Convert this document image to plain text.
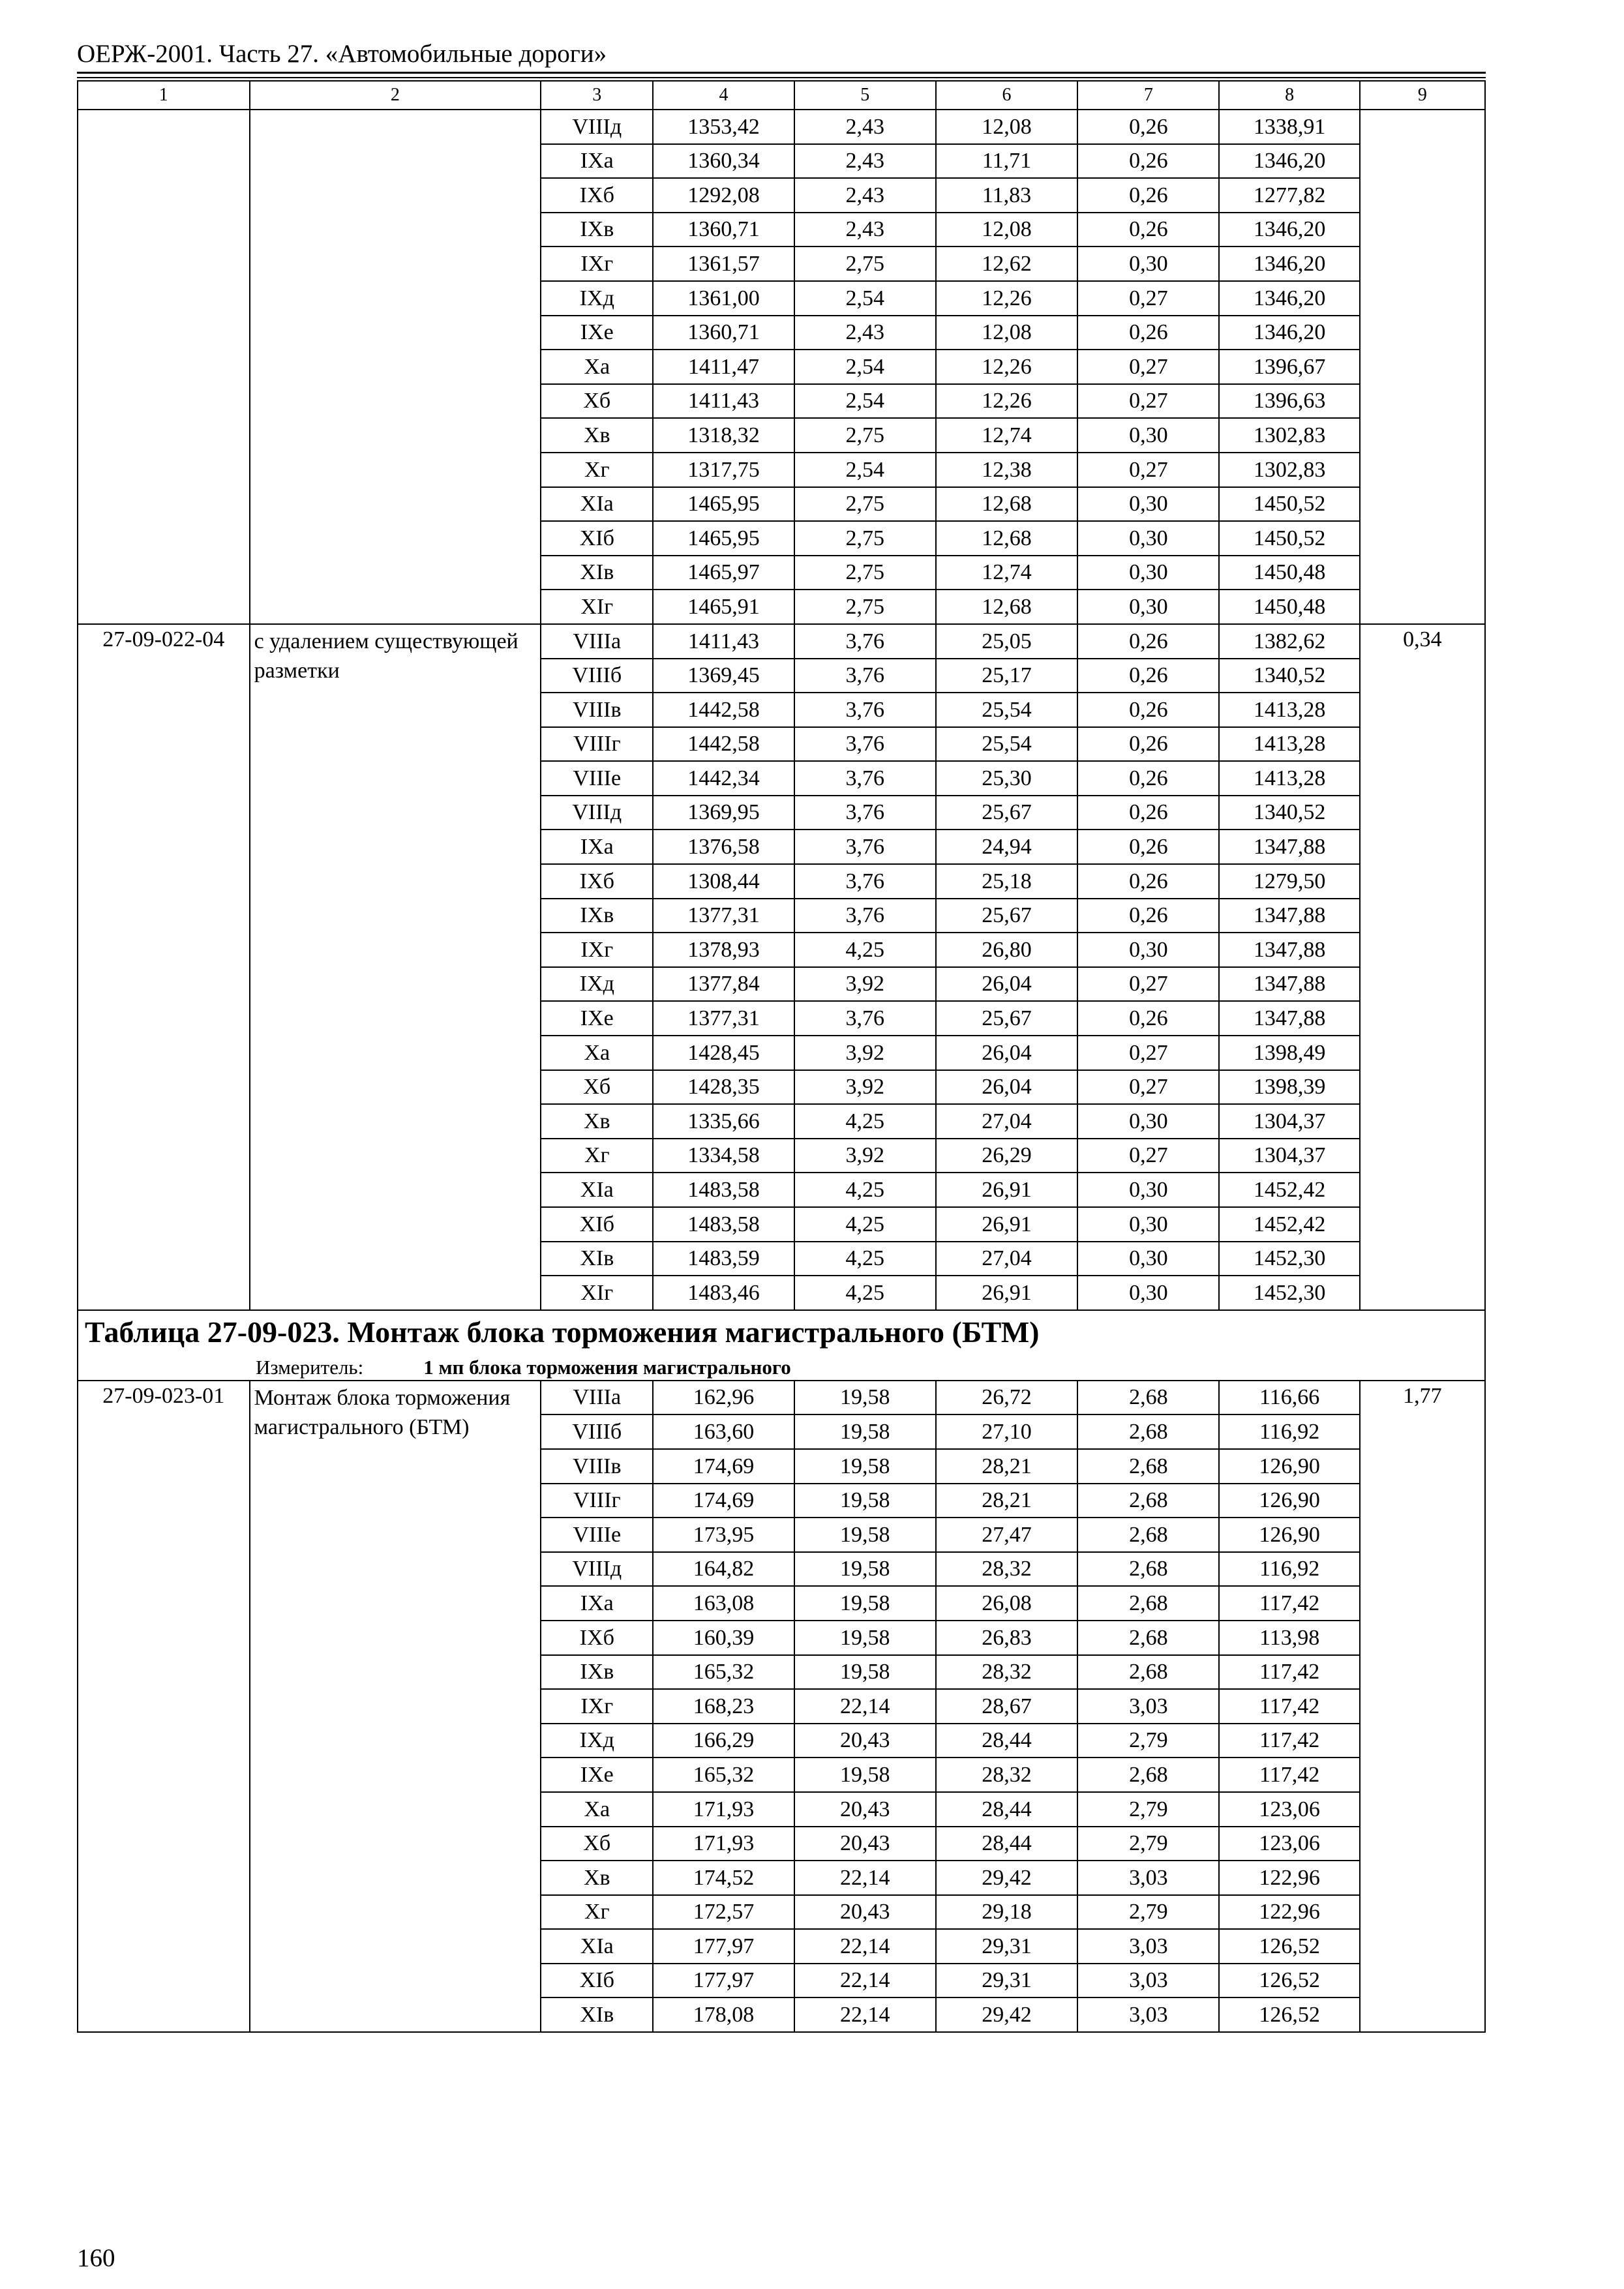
ОЕРЖ-2001. Часть 27. «Автомобильные дороги»
1	2	3	4	5	6	7	8	9
		VIIIд	1353,42	2,43	12,08	0,26	1338,91	
		IXa	1360,34	2,43	11,71	0,26	1346,20	
		IXб	1292,08	2,43	11,83	0,26	1277,82	
		IXв	1360,71	2,43	12,08	0,26	1346,20	
		IXг	1361,57	2,75	12,62	0,30	1346,20	
		IXд	1361,00	2,54	12,26	0,27	1346,20	
		IXe	1360,71	2,43	12,08	0,26	1346,20	
		Xa	1411,47	2,54	12,26	0,27	1396,67	
		Xб	1411,43	2,54	12,26	0,27	1396,63	
		Xв	1318,32	2,75	12,74	0,30	1302,83	
		Xг	1317,75	2,54	12,38	0,27	1302,83	
		XIa	1465,95	2,75	12,68	0,30	1450,52	
		XIб	1465,95	2,75	12,68	0,30	1450,52	
		XIв	1465,97	2,75	12,74	0,30	1450,48	
		XIг	1465,91	2,75	12,68	0,30	1450,48	
27-09-022-04	с удалением существующей разметки	VIIIa	1411,43	3,76	25,05	0,26	1382,62	0,34
		VIIIб	1369,45	3,76	25,17	0,26	1340,52	
		VIIIв	1442,58	3,76	25,54	0,26	1413,28	
		VIIIг	1442,58	3,76	25,54	0,26	1413,28	
		VIIIe	1442,34	3,76	25,30	0,26	1413,28	
		VIIIд	1369,95	3,76	25,67	0,26	1340,52	
		IXa	1376,58	3,76	24,94	0,26	1347,88	
		IXб	1308,44	3,76	25,18	0,26	1279,50	
		IXв	1377,31	3,76	25,67	0,26	1347,88	
		IXг	1378,93	4,25	26,80	0,30	1347,88	
		IXд	1377,84	3,92	26,04	0,27	1347,88	
		IXe	1377,31	3,76	25,67	0,26	1347,88	
		Xa	1428,45	3,92	26,04	0,27	1398,49	
		Xб	1428,35	3,92	26,04	0,27	1398,39	
		Xв	1335,66	4,25	27,04	0,30	1304,37	
		Xг	1334,58	3,92	26,29	0,27	1304,37	
		XIa	1483,58	4,25	26,91	0,30	1452,42	
		XIб	1483,58	4,25	26,91	0,30	1452,42	
		XIв	1483,59	4,25	27,04	0,30	1452,30	
		XIг	1483,46	4,25	26,91	0,30	1452,30	
Таблица 27-09-023. Монтаж блока торможения магистрального (БТМ)								
Измеритель: 1 мп блока торможения магистрального								
27-09-023-01	Монтаж блока торможения магистрального (БТМ)	VIIIa	162,96	19,58	26,72	2,68	116,66	1,77
		VIIIб	163,60	19,58	27,10	2,68	116,92	
		VIIIв	174,69	19,58	28,21	2,68	126,90	
		VIIIг	174,69	19,58	28,21	2,68	126,90	
		VIIIe	173,95	19,58	27,47	2,68	126,90	
		VIIIд	164,82	19,58	28,32	2,68	116,92	
		IXa	163,08	19,58	26,08	2,68	117,42	
		IXб	160,39	19,58	26,83	2,68	113,98	
		IXв	165,32	19,58	28,32	2,68	117,42	
		IXг	168,23	22,14	28,67	3,03	117,42	
		IXд	166,29	20,43	28,44	2,79	117,42	
		IXe	165,32	19,58	28,32	2,68	117,42	
		Xa	171,93	20,43	28,44	2,79	123,06	
		Xб	171,93	20,43	28,44	2,79	123,06	
		Xв	174,52	22,14	29,42	3,03	122,96	
		Xг	172,57	20,43	29,18	2,79	122,96	
		XIa	177,97	22,14	29,31	3,03	126,52	
		XIб	177,97	22,14	29,31	3,03	126,52	
		XIв	178,08	22,14	29,42	3,03	126,52	
160
